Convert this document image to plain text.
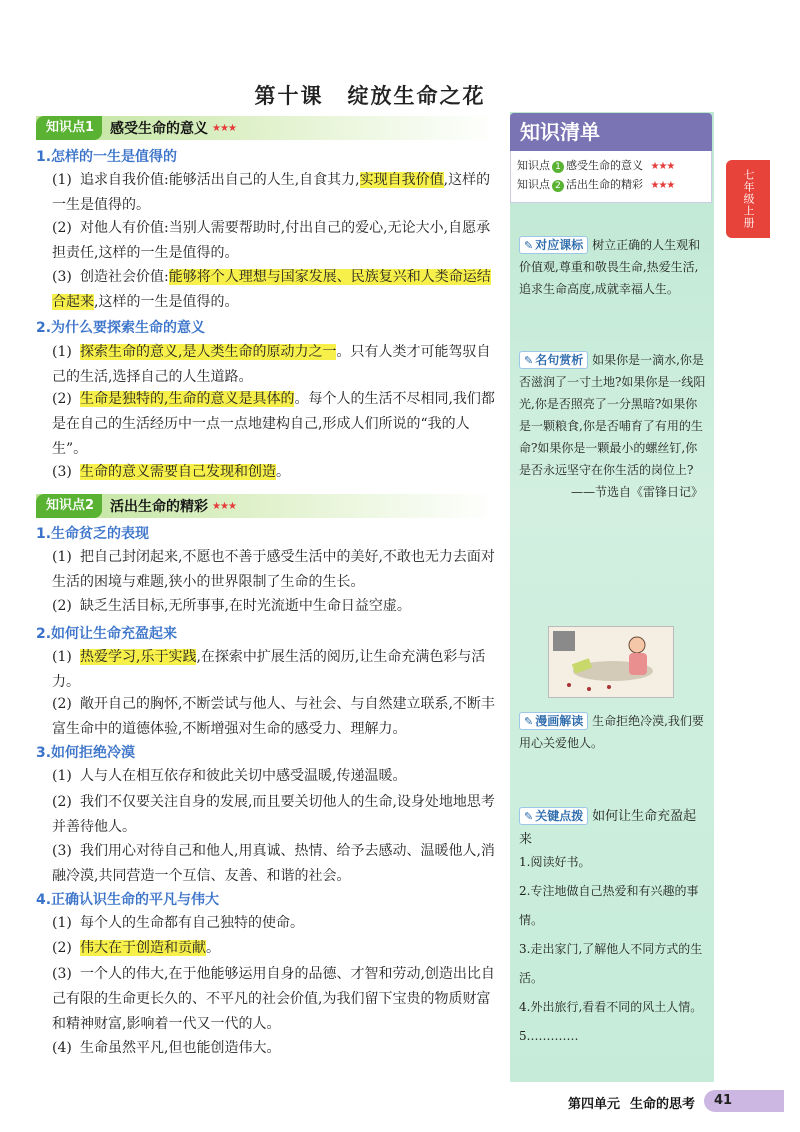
第十课 绽放生命之花
知识点1	感受生命的意义 ★★★
1.怎样的一生是值得的
(1) 追求自我价值:能够活出自己的人生,自食其力,实现自我价值,这样的一生是值得的。
(2) 对他人有价值:当别人需要帮助时,付出自己的爱心,无论大小,自愿承担责任,这样的一生是值得的。
(3) 创造社会价值:能够将个人理想与国家发展、民族复兴和人类命运结合起来,这样的一生是值得的。
2.为什么要探索生命的意义
(1) 探索生命的意义,是人类生命的原动力之一。只有人类才可能驾驭自己的生活,选择自己的人生道路。
(2) 生命是独特的,生命的意义是具体的。每个人的生活不尽相同,我们都是在自己的生活经历中一点一点地建构自己,形成人们所说的“我的人生”。
(3) 生命的意义需要自己发现和创造。
知识点2	活出生命的精彩 ★★★
1.生命贫乏的表现
(1) 把自己封闭起来,不愿也不善于感受生活中的美好,不敢也无力去面对生活的困境与难题,狭小的世界限制了生命的生长。
(2) 缺乏生活目标,无所事事,在时光流逝中生命日益空虚。
2.如何让生命充盈起来
(1) 热爱学习,乐于实践,在探索中扩展生活的阅历,让生命充满色彩与活力。
(2) 敞开自己的胸怀,不断尝试与他人、与社会、与自然建立联系,不断丰富生命中的道德体验,不断增强对生命的感受力、理解力。
3.如何拒绝冷漠
(1) 人与人在相互依存和彼此关切中感受温暖,传递温暖。
(2) 我们不仅要关注自身的发展,而且要关切他人的生命,设身处地地思考并善待他人。
(3) 我们用心对待自己和他人,用真诚、热情、给予去感动、温暖他人,消融冷漠,共同营造一个互信、友善、和谐的社会。
4.正确认识生命的平凡与伟大
(1) 每个人的生命都有自己独特的使命。
(2) 伟大在于创造和贡献。
(3) 一个人的伟大,在于他能够运用自身的品德、才智和劳动,创造出比自己有限的生命更长久的、不平凡的社会价值,为我们留下宝贵的物质财富和精神财富,影响着一代又一代的人。
(4) 生命虽然平凡,但也能创造伟大。
知识清单
知识点 1 感受生命的意义 ★★★
知识点 2 活出生命的精彩 ★★★	七年级上册
✎ 对应课标 树立正确的人生观和价值观,尊重和敬畏生命,热爱生活,追求生命高度,成就幸福人生。
✎ 名句赏析 如果你是一滴水,你是否滋润了一寸土地?如果你是一线阳光,你是否照亮了一分黑暗?如果你是一颗粮食,你是否哺育了有用的生命?如果你是一颗最小的螺丝钉,你是否永远坚守在你生活的岗位上?
——节选自《雷锋日记》
✎ 漫画解读 生命拒绝冷漠,我们要用心关爱他人。
✎ 关键点拨 如何让生命充盈起来
1.阅读好书。
2.专注地做自己热爱和有兴趣的事情。
3.走出家门,了解他人不同方式的生活。
4.外出旅行,看看不同的风土人情。
5.…………
第四单元 生命的思考	41
